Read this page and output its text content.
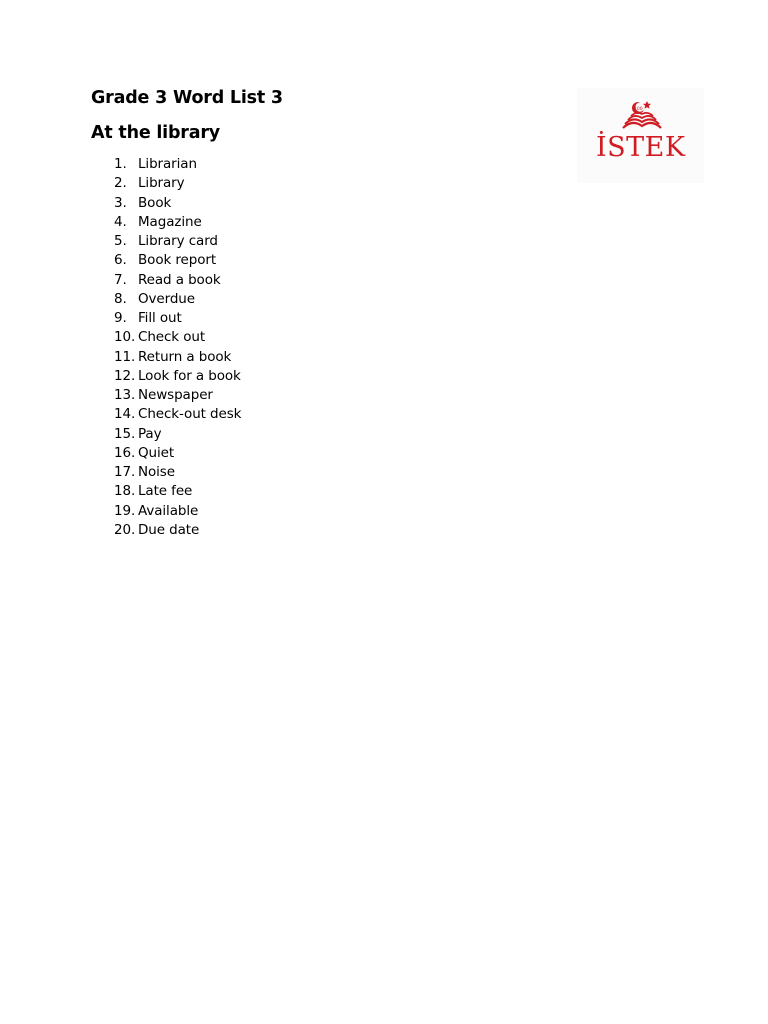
Grade 3 Word List 3
At the library
1. Librarian
2. Library
3. Book
4. Magazine
5. Library card
6. Book report
7. Read a book
8. Overdue
9. Fill out
10. Check out
11. Return a book
12. Look for a book
13. Newspaper
14. Check-out desk
15. Pay
16. Quiet
17. Noise
18. Late fee
19. Available
20. Due date
100
İSTEK
